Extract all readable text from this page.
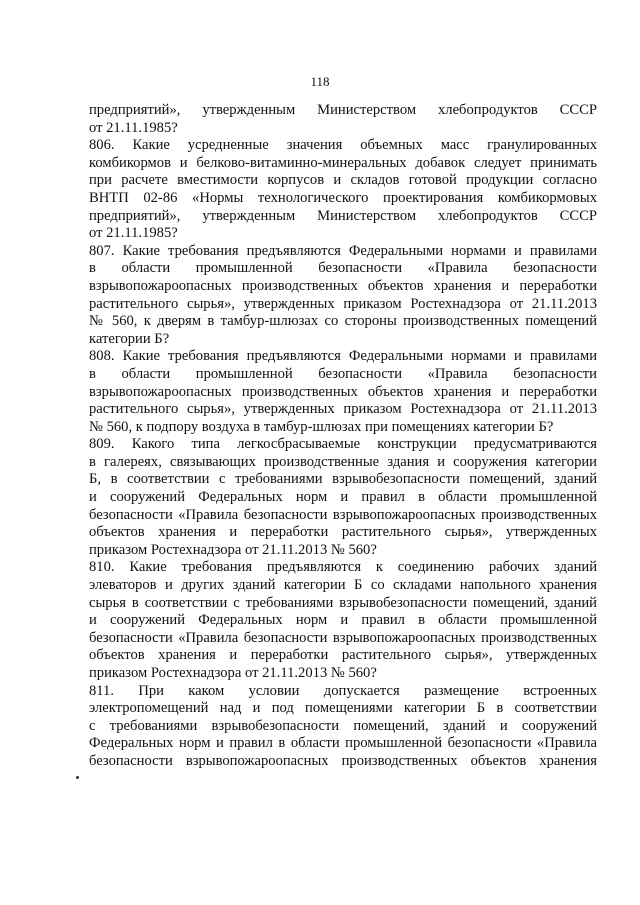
118
предприятий», утвержденным Министерством хлебопродуктов СССР
от 21.11.1985?
806. Какие усредненные значения объемных масс гранулированных
комбикормов и белково-витаминно-минеральных добавок следует принимать
при расчете вместимости корпусов и складов готовой продукции согласно
ВНТП 02-86 «Нормы технологического проектирования комбикормовых
предприятий», утвержденным Министерством хлебопродуктов СССР
от 21.11.1985?
807. Какие требования предъявляются Федеральными нормами и правилами
в области промышленной безопасности «Правила безопасности
взрывопожароопасных производственных объектов хранения и переработки
растительного сырья», утвержденных приказом Ростехнадзора от 21.11.2013
№ 560, к дверям в тамбур-шлюзах со стороны производственных помещений
категории Б?
808. Какие требования предъявляются Федеральными нормами и правилами
в области промышленной безопасности «Правила безопасности
взрывопожароопасных производственных объектов хранения и переработки
растительного сырья», утвержденных приказом Ростехнадзора от 21.11.2013
№ 560, к подпору воздуха в тамбур-шлюзах при помещениях категории Б?
809. Какого типа легкосбрасываемые конструкции предусматриваются
в галереях, связывающих производственные здания и сооружения категории
Б, в соответствии с требованиями взрывобезопасности помещений, зданий
и сооружений Федеральных норм и правил в области промышленной
безопасности «Правила безопасности взрывопожароопасных производственных
объектов хранения и переработки растительного сырья», утвержденных
приказом Ростехнадзора от 21.11.2013 № 560?
810. Какие требования предъявляются к соединению рабочих зданий
элеваторов и других зданий категории Б со складами напольного хранения
сырья в соответствии с требованиями взрывобезопасности помещений, зданий
и сооружений Федеральных норм и правил в области промышленной
безопасности «Правила безопасности взрывопожароопасных производственных
объектов хранения и переработки растительного сырья», утвержденных
приказом Ростехнадзора от 21.11.2013 № 560?
811. При каком условии допускается размещение встроенных
электропомещений над и под помещениями категории Б в соответствии
с требованиями взрывобезопасности помещений, зданий и сооружений
Федеральных норм и правил в области промышленной безопасности «Правила
безопасности взрывопожароопасных производственных объектов хранения
